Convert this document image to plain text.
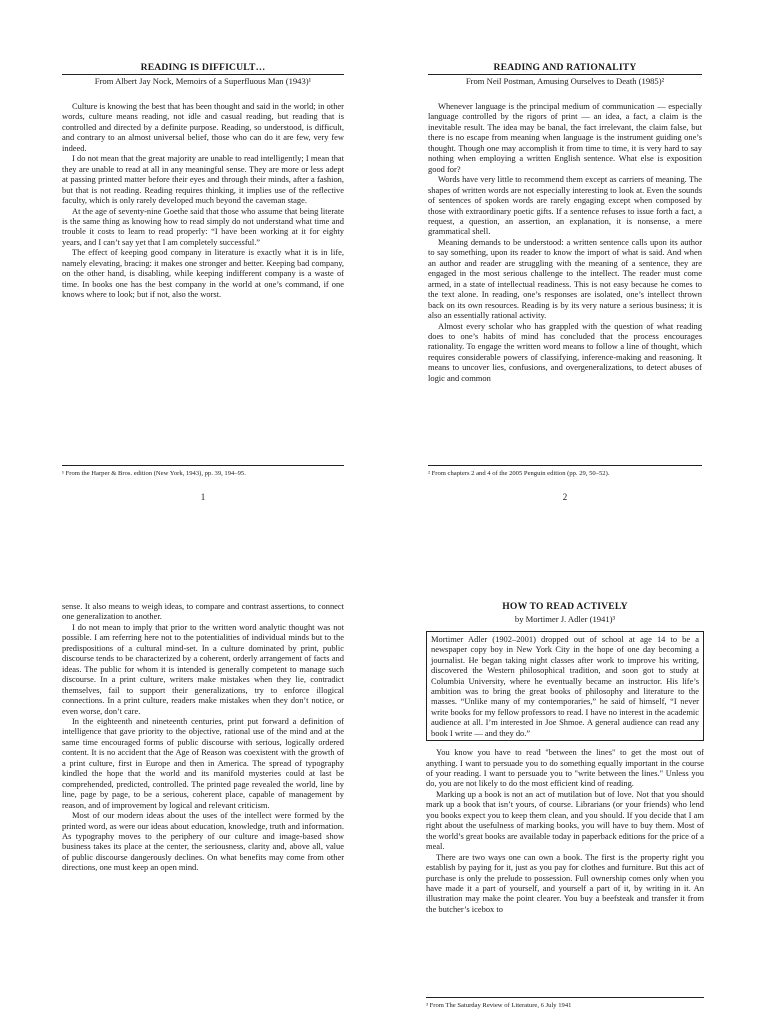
READING IS DIFFICULT…
From Albert Jay Nock, Memoirs of a Superfluous Man (1943)¹

Culture is knowing the best that has been thought and said in the world; in other words, culture means reading, not idle and casual reading, but reading that is controlled and directed by a definite purpose. Reading, so understood, is difficult, and contrary to an almost universal belief, those who can do it are few, very few indeed.

I do not mean that the great majority are unable to read intelligently; I mean that they are unable to read at all in any meaningful sense. They are more or less adept at passing printed matter before their eyes and through their minds, after a fashion, but that is not reading. Reading requires thinking, it implies use of the reflective faculty, which is only rarely developed much beyond the caveman stage.

At the age of seventy-nine Goethe said that those who assume that being literate is the same thing as knowing how to read simply do not understand what time and trouble it costs to learn to read properly: “I have been working at it for eighty years, and I can’t say yet that I am completely successful.”

The effect of keeping good company in literature is exactly what it is in life, namely elevating, bracing: it makes one stronger and better. Keeping bad company, on the other hand, is disabling, while keeping indifferent company is a waste of time. In books one has the best company in the world at one’s command, if one knows where to look; but if not, also the worst.

¹ From the Harper & Bros. edition (New York, 1943), pp. 39, 194–95.
1
READING AND RATIONALITY
From Neil Postman, Amusing Ourselves to Death (1985)²

Whenever language is the principal medium of communication — especially language controlled by the rigors of print — an idea, a fact, a claim is the inevitable result. The idea may be banal, the fact irrelevant, the claim false, but there is no escape from meaning when language is the instrument guiding one’s thought. Though one may accomplish it from time to time, it is very hard to say nothing when employing a written English sentence. What else is exposition good for?

Words have very little to recommend them except as carriers of meaning. The shapes of written words are not especially interesting to look at. Even the sounds of sentences of spoken words are rarely engaging except when composed by those with extraordinary poetic gifts. If a sentence refuses to issue forth a fact, a request, a question, an assertion, an explanation, it is nonsense, a mere grammatical shell.

Meaning demands to be understood: a written sentence calls upon its author to say something, upon its reader to know the import of what is said. And when an author and reader are struggling with the meaning of a sentence, they are engaged in the most serious challenge to the intellect. The reader must come armed, in a state of intellectual readiness. This is not easy because he comes to the text alone. In reading, one’s responses are isolated, one’s intellect thrown back on its own resources. Reading is by its very nature a serious business; it is also an essentially rational activity.

Almost every scholar who has grappled with the question of what reading does to one’s habits of mind has concluded that the process encourages rationality. To engage the written word means to follow a line of thought, which requires considerable powers of classifying, inference-making and reasoning. It means to uncover lies, confusions, and overgeneralizations, to detect abuses of logic and common

² From chapters 2 and 4 of the 2005 Penguin edition (pp. 29, 50–52).
2

sense. It also means to weigh ideas, to compare and contrast assertions, to connect one generalization to another.

I do not mean to imply that prior to the written word analytic thought was not possible. I am referring here not to the potentialities of individual minds but to the predispositions of a cultural mind-set. In a culture dominated by print, public discourse tends to be characterized by a coherent, orderly arrangement of facts and ideas. The public for whom it is intended is generally competent to manage such discourse. In a print culture, writers make mistakes when they lie, contradict themselves, fail to support their generalizations, try to enforce illogical connections. In a print culture, readers make mistakes when they don’t notice, or even worse, don’t care.

In the eighteenth and nineteenth centuries, print put forward a definition of intelligence that gave priority to the objective, rational use of the mind and at the same time encouraged forms of public discourse with serious, logically ordered content. It is no accident that the Age of Reason was coexistent with the growth of a print culture, first in Europe and then in America. The spread of typography kindled the hope that the world and its manifold mysteries could at last be comprehended, predicted, controlled. The printed page revealed the world, line by line, page by page, to be a serious, coherent place, capable of management by reason, and of improvement by logical and relevant criticism.

Most of our modern ideas about the uses of the intellect were formed by the printed word, as were our ideas about education, knowledge, truth and information. As typography moves to the periphery of our culture and image-based show business takes its place at the center, the seriousness, clarity and, above all, value of public discourse dangerously declines. On what benefits may come from other directions, one must keep an open mind.

HOW TO READ ACTIVELY
by Mortimer J. Adler (1941)³
Mortimer Adler (1902–2001) dropped out of school at age 14 to be a newspaper copy boy in New York City in the hope of one day becoming a journalist. He began taking night classes after work to improve his writing, discovered the Western philosophical tradition, and soon got to study at Columbia University, where he eventually became an instructor. His life’s ambition was to bring the great books of philosophy and literature to the masses. “Unlike many of my contemporaries,” he said of himself, “I never write books for my fellow professors to read. I have no interest in the academic audience at all. I’m interested in Joe Shmoe. A general audience can read any book I write — and they do.”

You know you have to read "between the lines" to get the most out of anything. I want to persuade you to do something equally important in the course of your reading. I want to persuade you to "write between the lines." Unless you do, you are not likely to do the most efficient kind of reading.

Marking up a book is not an act of mutilation but of love. Not that you should mark up a book that isn’t yours, of course. Librarians (or your friends) who lend you books expect you to keep them clean, and you should. If you decide that I am right about the usefulness of marking books, you will have to buy them. Most of the world’s great books are available today in paperback editions for the price of a meal.

There are two ways one can own a book. The first is the property right you establish by paying for it, just as you pay for clothes and furniture. But this act of purchase is only the prelude to possession. Full ownership comes only when you have made it a part of yourself, and yourself a part of it, by writing in it. An illustration may make the point clearer. You buy a beefsteak and transfer it from the butcher’s icebox to

³ From The Saturday Review of Literature, 6 July 1941
